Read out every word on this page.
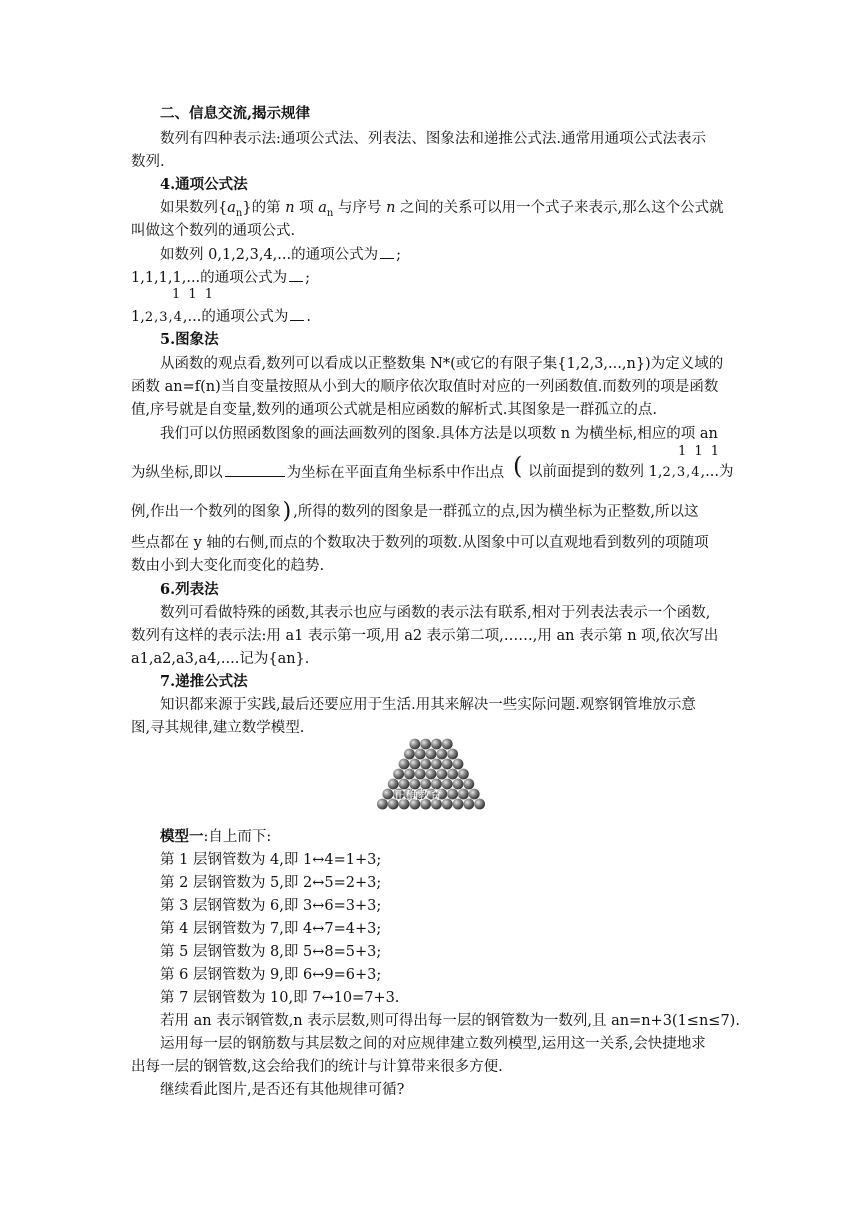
二、信息交流,揭示规律
数列有四种表示法:通项公式法、列表法、图象法和递推公式法.通常用通项公式法表示
数列.
4.通项公式法
如果数列$\{a_n\}$的第 n 项 $a_n$ 与序号 n 之间的关系可以用一个式子来表示,那么这个公式就
叫做这个数列的通项公式.
如数列 0,1,2,3,4,...的通项公式为 ;
1,1,1,1,...的通项公式为 ;
1 1 1
1,2,3,4,...的通项公式为 .
5.图象法
从函数的观点看,数列可以看成以正整数集 N*(或它的有限子集{1,2,3,...,n})为定义域的
函数 an=f(n)当自变量按照从小到大的顺序依次取值时对应的一列函数值.而数列的项是函数
值,序号就是自变量,数列的通项公式就是相应函数的解析式.其图象是一群孤立的点.
我们可以仿照函数图象的画法画数列的图象.具体方法是以项数 n 为横坐标,相应的项 an
为纵坐标,即以	为坐标在平面直角坐标系中作出点 ( 以前面提到的数列 1,2,3,4,...为
1 1 1
例,作出一个数列的图象) ,所得的数列的图象是一群孤立的点,因为横坐标为正整数,所以这
些点都在 y 轴的右侧,而点的个数取决于数列的项数.从图象中可以直观地看到数列的项随项
数由小到大变化而变化的趋势.
6.列表法
数列可看做特殊的函数,其表示也应与函数的表示法有联系,相对于列表法表示一个函数,
数列有这样的表示法:用 a1 表示第一项,用 a2 表示第二项,……,用 an 表示第 n 项,依次写出
a1,a2,a3,a4,....记为{an}.
7.递推公式法
知识都来源于实践,最后还要应用于生活.用其来解决一些实际问题.观察钢管堆放示意
图,寻其规律,建立数学模型.
正确教育
模型一:自上而下:
第 1 层钢管数为 4,即 1↔4=1+3;
第 2 层钢管数为 5,即 2↔5=2+3;
第 3 层钢管数为 6,即 3↔6=3+3;
第 4 层钢管数为 7,即 4↔7=4+3;
第 5 层钢管数为 8,即 5↔8=5+3;
第 6 层钢管数为 9,即 6↔9=6+3;
第 7 层钢管数为 10,即 7↔10=7+3.
若用 an 表示钢管数,n 表示层数,则可得出每一层的钢管数为一数列,且 an=n+3(1≤n≤7).
运用每一层的钢筋数与其层数之间的对应规律建立数列模型,运用这一关系,会快捷地求
出每一层的钢管数,这会给我们的统计与计算带来很多方便.
继续看此图片,是否还有其他规律可循?
